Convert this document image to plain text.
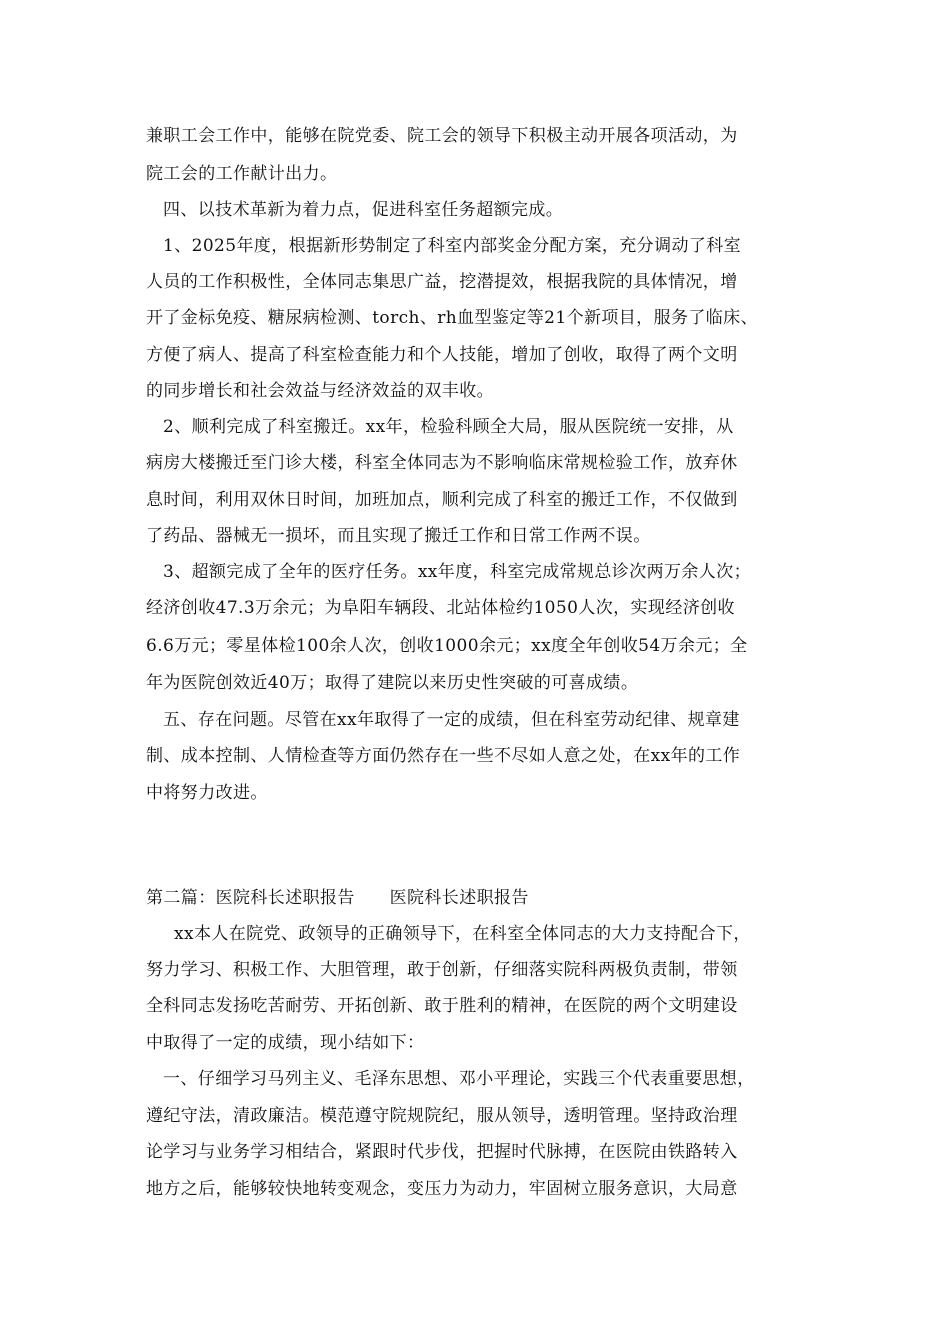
兼职工会工作中，能够在院党委、院工会的领导下积极主动开展各项活动，为
院工会的工作献计出力。
四、以技术革新为着力点，促进科室任务超额完成。
1、2025年度，根据新形势制定了科室内部奖金分配方案，充分调动了科室
人员的工作积极性，全体同志集思广益，挖潜提效，根据我院的具体情况，增
开了金标免疫、糖尿病检测、torch、rh血型鉴定等21个新项目，服务了临床、
方便了病人、提高了科室检查能力和个人技能，增加了创收，取得了两个文明
的同步增长和社会效益与经济效益的双丰收。
2、顺利完成了科室搬迁。xx年，检验科顾全大局，服从医院统一安排，从
病房大楼搬迁至门诊大楼，科室全体同志为不影响临床常规检验工作，放弃休
息时间，利用双休日时间，加班加点，顺利完成了科室的搬迁工作，不仅做到
了药品、器械无一损坏，而且实现了搬迁工作和日常工作两不误。
3、超额完成了全年的医疗任务。xx年度，科室完成常规总诊次两万余人次；
经济创收47.3万余元；为阜阳车辆段、北站体检约1050人次，实现经济创收
6.6万元；零星体检100余人次，创收1000余元；xx度全年创收54万余元；全
年为医院创效近40万；取得了建院以来历史性突破的可喜成绩。
五、存在问题。尽管在xx年取得了一定的成绩，但在科室劳动纪律、规章建
制、成本控制、人情检查等方面仍然存在一些不尽如人意之处，在xx年的工作
中将努力改进。
第二篇：医院科长述职报告　　医院科长述职报告
xx本人在院党、政领导的正确领导下，在科室全体同志的大力支持配合下，
努力学习、积极工作、大胆管理，敢于创新，仔细落实院科两极负责制，带领
全科同志发扬吃苦耐劳、开拓创新、敢于胜利的精神，在医院的两个文明建设
中取得了一定的成绩，现小结如下：
一、仔细学习马列主义、毛泽东思想、邓小平理论，实践三个代表重要思想，
遵纪守法，清政廉洁。模范遵守院规院纪，服从领导，透明管理。坚持政治理
论学习与业务学习相结合，紧跟时代步伐，把握时代脉搏，在医院由铁路转入
地方之后，能够较快地转变观念，变压力为动力，牢固树立服务意识，大局意
